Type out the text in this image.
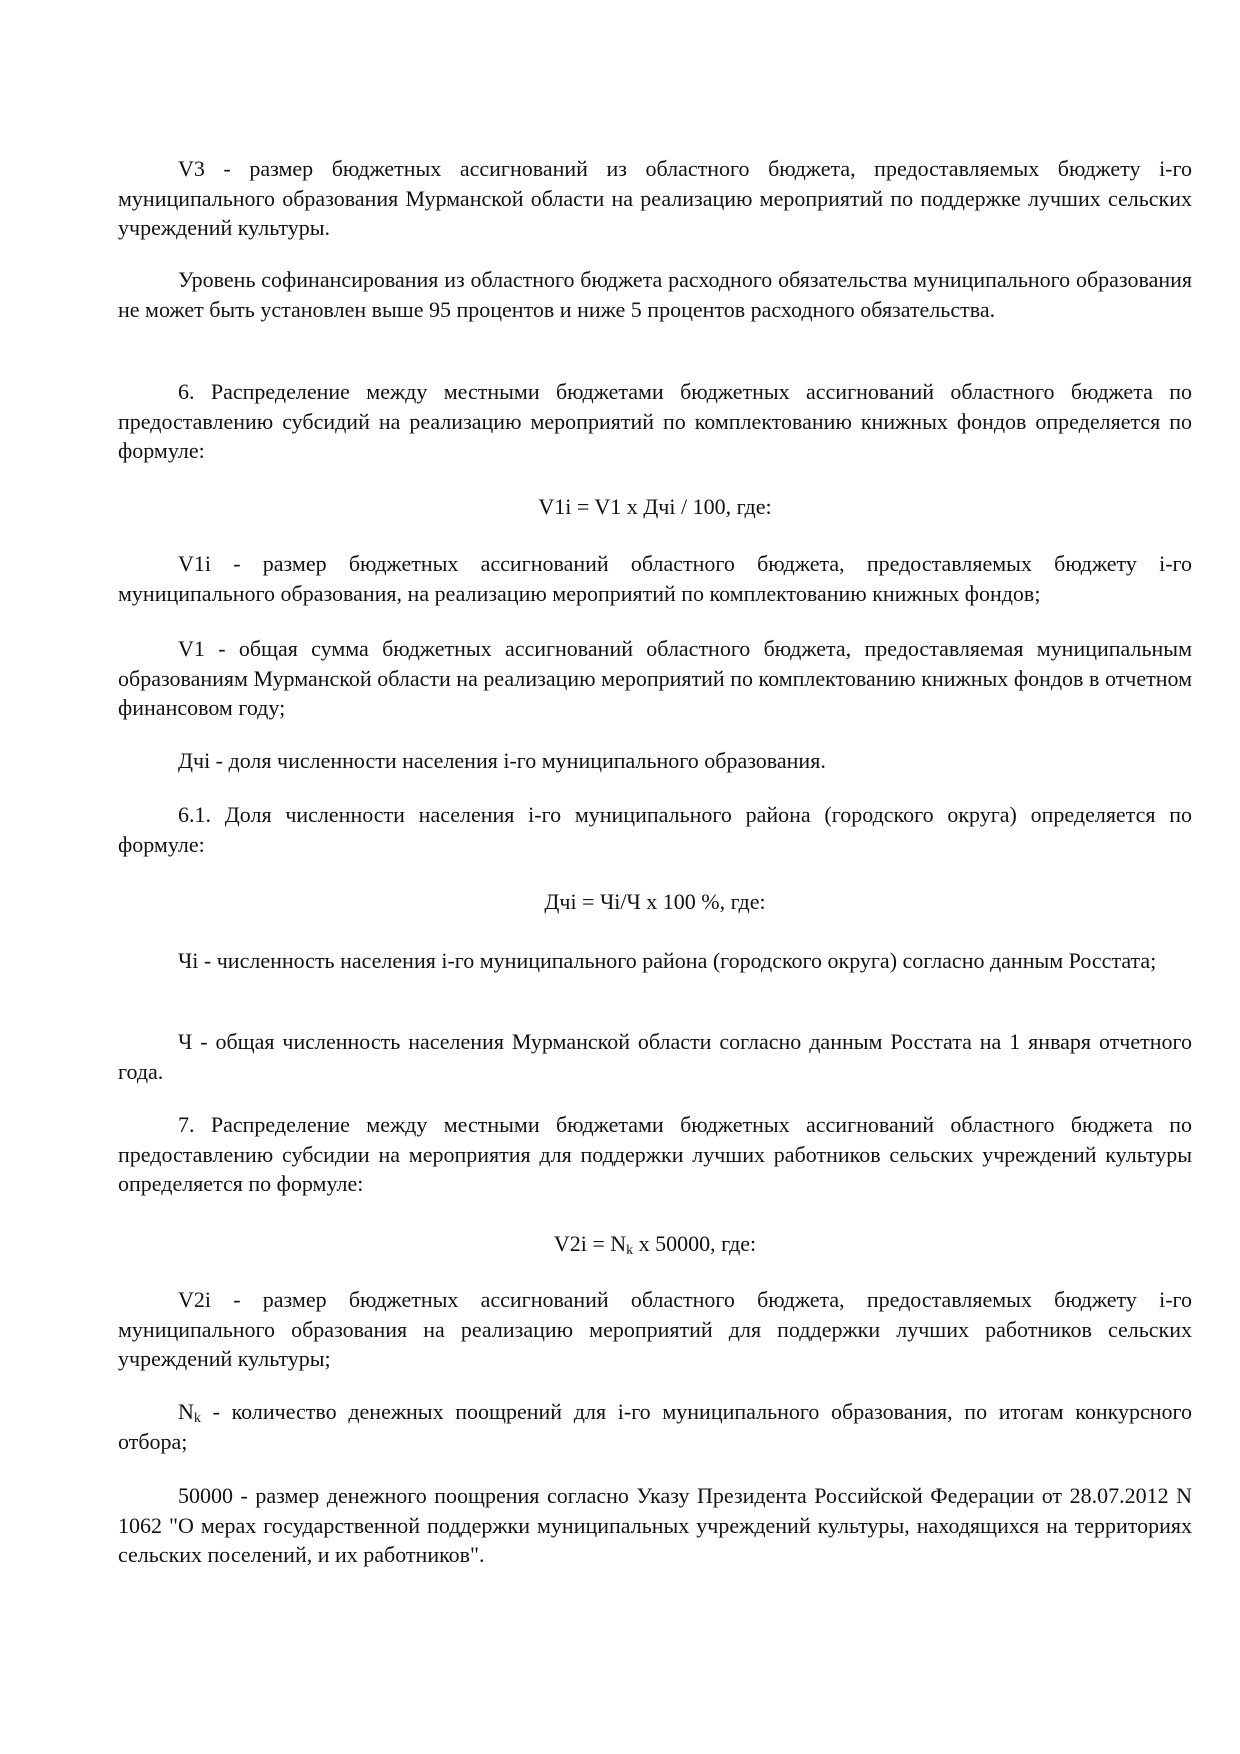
V3 - размер бюджетных ассигнований из областного бюджета, предоставляемых бюджету i-го муниципального образования Мурманской области на реализацию мероприятий по поддержке лучших сельских учреждений культуры.

Уровень софинансирования из областного бюджета расходного обязательства муниципального образования не может быть установлен выше 95 процентов и ниже 5 процентов расходного обязательства.

6. Распределение между местными бюджетами бюджетных ассигнований областного бюджета по предоставлению субсидий на реализацию мероприятий по комплектованию книжных фондов определяется по формуле:

V1i = V1 x Дчi / 100, где:

V1i - размер бюджетных ассигнований областного бюджета, предоставляемых бюджету i-го муниципального образования, на реализацию мероприятий по комплектованию книжных фондов;

V1 - общая сумма бюджетных ассигнований областного бюджета, предоставляемая муниципальным образованиям Мурманской области на реализацию мероприятий по комплектованию книжных фондов в отчетном финансовом году;

Дчi - доля численности населения i-го муниципального образования.

6.1. Доля численности населения i-го муниципального района (городского округа) определяется по формуле:

Дчi = Чi/Ч x 100 %, где:

Чi - численность населения i-го муниципального района (городского округа) согласно данным Росстата;

Ч - общая численность населения Мурманской области согласно данным Росстата на 1 января отчетного года.

7. Распределение между местными бюджетами бюджетных ассигнований областного бюджета по предоставлению субсидии на мероприятия для поддержки лучших работников сельских учреждений культуры определяется по формуле:

$V2i = N_k$ x 50000, где:

V2i - размер бюджетных ассигнований областного бюджета, предоставляемых бюджету i-го муниципального образования на реализацию мероприятий для поддержки лучших работников сельских учреждений культуры;

$N_k$ - количество денежных поощрений для i-го муниципального образования, по итогам конкурсного отбора;

50000 - размер денежного поощрения согласно Указу Президента Российской Федерации от 28.07.2012 N 1062 "О мерах государственной поддержки муниципальных учреждений культуры, находящихся на территориях сельских поселений, и их работников".
